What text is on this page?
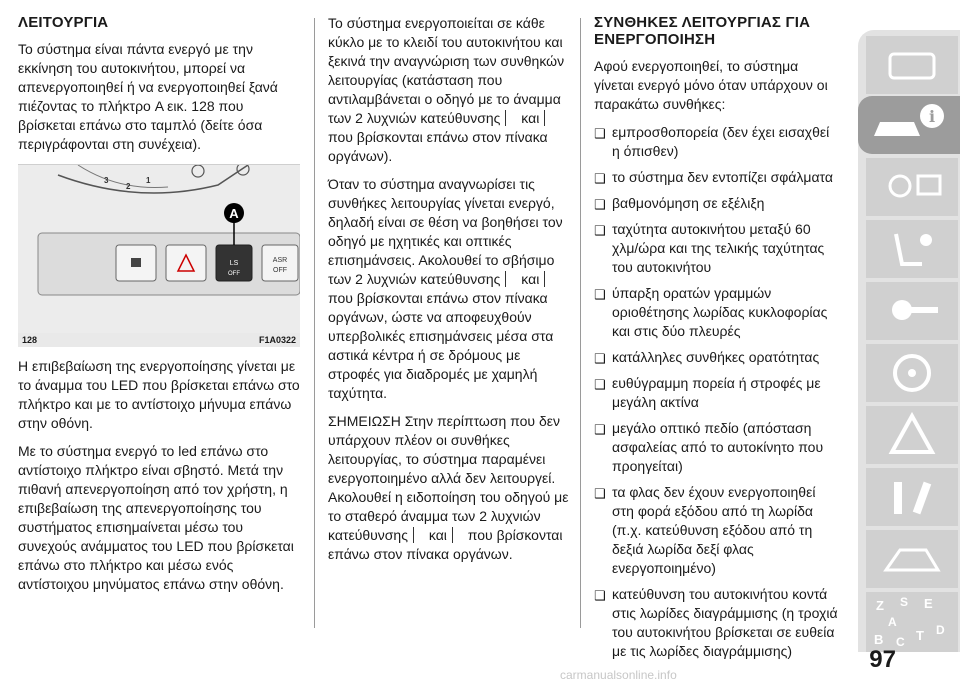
ΛΕΙΤΟΥΡΓΙΑ

Το σύστημα είναι πάντα ενεργό με την εκκίνηση του αυτοκινήτου, μπορεί να απενεργοποιηθεί ή να ενεργοποιηθεί ξανά πιέζοντας το πλήκτρο A εικ. 128 που βρίσκεται επάνω στο ταμπλό (δείτε όσα περιγράφονται στη συνέχεια).

3
2
1
LS
OFF
ASR
OFF
A
128	F1A0322

Η επιβεβαίωση της ενεργοποίησης γίνεται με το άναμμα του LED που βρίσκεται επάνω στο πλήκτρο και με το αντίστοιχο μήνυμα επάνω στην οθόνη.

Με το σύστημα ενεργό το led επάνω στο αντίστοιχο πλήκτρο είναι σβηστό. Μετά την πιθανή απενεργοποίηση από τον χρήστη, η επιβεβαίωση της απενεργοποίησης του συστήματος επισημαίνεται μέσω του συνεχούς ανάμματος του LED που βρίσκεται επάνω στο πλήκτρο και μέσω ενός αντίστοιχου μηνύματος επάνω στην οθόνη.

Το σύστημα ενεργοποιείται σε κάθε κύκλο με το κλειδί του αυτοκινήτου και ξεκινά την αναγνώριση των συνθηκών λειτουργίας (κατάσταση που αντιλαμβάνεται ο οδηγό με το άναμμα των 2 λυχνιών κατεύθυνσης και που βρίσκονται επάνω στον πίνακα οργάνων).

Όταν το σύστημα αναγνωρίσει τις συνθήκες λειτουργίας γίνεται ενεργό, δηλαδή είναι σε θέση να βοηθήσει τον οδηγό με ηχητικές και οπτικές επισημάνσεις. Ακολουθεί το σβήσιμο των 2 λυχνιών κατεύθυνσης και που βρίσκονται επάνω στον πίνακα οργάνων, ώστε να αποφευχθούν υπερβολικές επισημάνσεις μέσα στα αστικά κέντρα ή σε δρόμους με στροφές για διαδρομές με χαμηλή ταχύτητα.

ΣΗΜΕΙΩΣΗ Στην περίπτωση που δεν υπάρχουν πλέον οι συνθήκες λειτουργίας, το σύστημα παραμένει ενεργοποιημένο αλλά δεν λειτουργεί. Ακολουθεί η ειδοποίηση του οδηγού με το σταθερό άναμμα των 2 λυχνιών κατεύθυνσης και που βρίσκονται επάνω στον πίνακα οργάνων.

ΣΥΝΘΗΚΕΣ ΛΕΙΤΟΥΡΓΙΑΣ ΓΙΑ ΕΝΕΡΓΟΠΟΙΗΣΗ

Αφού ενεργοποιηθεί, το σύστημα γίνεται ενεργό μόνο όταν υπάρχουν οι παρακάτω συνθήκες:

❑ εμπροσθοπορεία (δεν έχει εισαχθεί η όπισθεν)
❑ το σύστημα δεν εντοπίζει σφάλματα
❑ βαθμονόμηση σε εξέλιξη
❑ ταχύτητα αυτοκινήτου μεταξύ 60 χλμ/ώρα και της τελικής ταχύτητας του αυτοκινήτου
❑ ύπαρξη ορατών γραμμών οριοθέτησης λωρίδας κυκλοφορίας και στις δύο πλευρές
❑ κατάλληλες συνθήκες ορατότητας
❑ ευθύγραμμη πορεία ή στροφές με μεγάλη ακτίνα
❑ μεγάλο οπτικό πεδίο (απόσταση ασφαλείας από το αυτοκίνητο που προηγείται)
❑ τα φλας δεν έχουν ενεργοποιηθεί στη φορά εξόδου από τη λωρίδα (π.χ. κατεύθυνση εξόδου από τη δεξιά λωρίδα δεξί φλας ενεργοποιημένο)
❑ κατεύθυνση του αυτοκινήτου κοντά στις λωρίδες διαγράμμισης (η τροχιά του αυτοκινήτου βρίσκεται σε ευθεία με τις λωρίδες διαγράμμισης)
i
Z S E
A
B C T D
97
carmanualsonline.info
